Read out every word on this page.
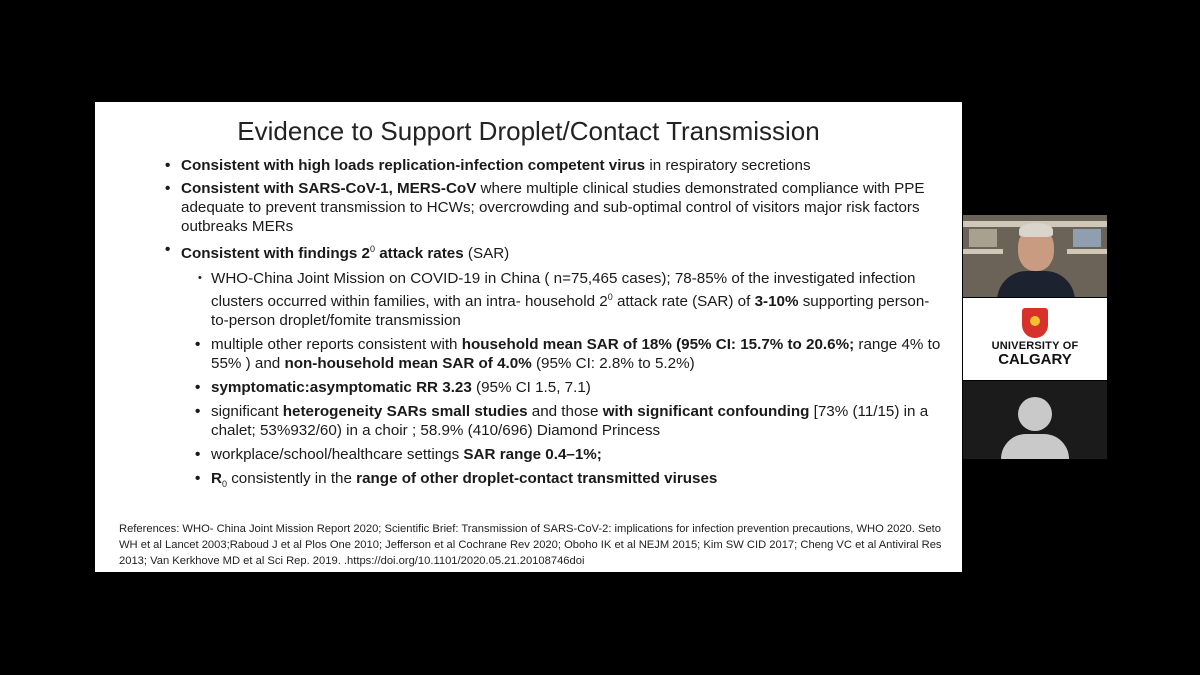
Evidence to Support Droplet/Contact Transmission
• Consistent with high loads replication-infection competent virus in respiratory secretions
• Consistent with SARS-CoV-1, MERS-CoV where multiple clinical studies demonstrated compliance with PPE adequate to prevent transmission to HCWs; overcrowding and sub-optimal control of visitors major risk factors outbreaks MERs
• Consistent with findings $2^0$ attack rates (SAR)
• WHO-China Joint Mission on COVID-19 in China ( n=75,465 cases); 78-85% of the investigated infection clusters occurred within families, with an intra- household $2^0$ attack rate (SAR) of 3-10% supporting person-to-person droplet/fomite transmission
• multiple other reports consistent with household mean SAR of 18% (95% CI: 15.7% to 20.6%; range 4% to 55% ) and non-household mean SAR of 4.0% (95% CI: 2.8% to 5.2%)
• symptomatic:asymptomatic RR 3.23 (95% CI 1.5, 7.1)
• significant heterogeneity SARs small studies and those with significant confounding [73% (11/15) in a chalet; 53%932/60) in a choir ; 58.9% (410/696) Diamond Princess
• workplace/school/healthcare settings SAR range 0.4–1%;
• $R_0$ consistently in the range of other droplet-contact transmitted viruses
References: WHO- China Joint Mission Report 2020; Scientific Brief: Transmission of SARS-CoV-2: implications for infection prevention precautions, WHO 2020. Seto WH et al Lancet 2003;Raboud J et al Plos One 2010; Jefferson et al Cochrane Rev 2020; Oboho IK et al NEJM 2015; Kim SW CID 2017; Cheng VC et al Antiviral Res 2013; Van Kerkhove MD et al Sci Rep. 2019. .https://doi.org/10.1101/2020.05.21.20108746doi
UNIVERSITY OF
CALGARY
